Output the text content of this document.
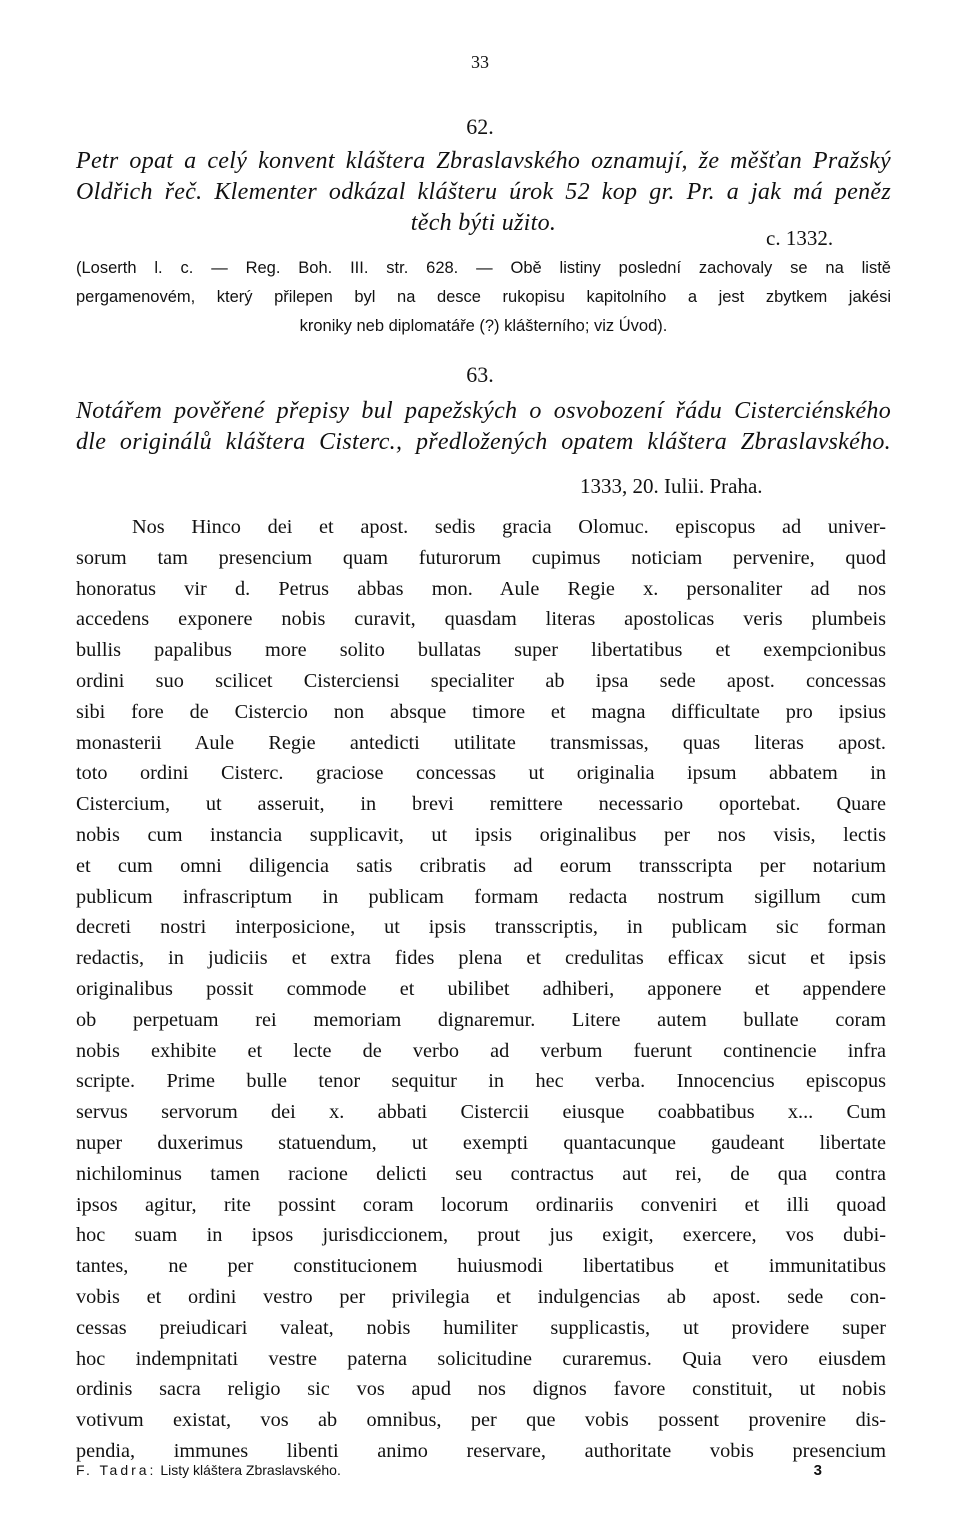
33
62.
Petr opat a celý konvent kláštera Zbraslavského oznamují, že měšťan Pražský
Oldřich řeč. Klementer odkázal klášteru úrok 52 kop gr. Pr. a jak má peněz
těch býti užito.
c. 1332.
(Loserth l. c. — Reg. Boh. III. str. 628. — Obě listiny poslední zachovaly se na listě
pergamenovém, který přilepen byl na desce rukopisu kapitolního a jest zbytkem jakési
kroniky neb diplomatáře (?) klášterního; viz Úvod).
63.
Notářem pověřené přepisy bul papežských o osvobození řádu Cisterciénského
dle originálů kláštera Cisterc., předložených opatem kláštera Zbraslavského.
1333, 20. Iulii. Praha.
Nos Hinco dei et apost. sedis gracia Olomuc. episcopus ad univer-
sorum tam presencium quam futurorum cupimus noticiam pervenire, quod
honoratus vir d. Petrus abbas mon. Aule Regie x. personaliter ad nos
accedens exponere nobis curavit, quasdam literas apostolicas veris plumbeis
bullis papalibus more solito bullatas super libertatibus et exempcionibus
ordini suo scilicet Cisterciensi specialiter ab ipsa sede apost. concessas
sibi fore de Cistercio non absque timore et magna difficultate pro ipsius
monasterii Aule Regie antedicti utilitate transmissas, quas literas apost.
toto ordini Cisterc. graciose concessas ut originalia ipsum abbatem in
Cistercium, ut asseruit, in brevi remittere necessario oportebat. Quare
nobis cum instancia supplicavit, ut ipsis originalibus per nos visis, lectis
et cum omni diligencia satis cribratis ad eorum transscripta per notarium
publicum infrascriptum in publicam formam redacta nostrum sigillum cum
decreti nostri interposicione, ut ipsis transscriptis, in publicam sic forman
redactis, in judiciis et extra fides plena et credulitas efficax sicut et ipsis
originalibus possit commode et ubilibet adhiberi, apponere et appendere
ob perpetuam rei memoriam dignaremur. Litere autem bullate coram
nobis exhibite et lecte de verbo ad verbum fuerunt continencie infra
scripte. Prime bulle tenor sequitur in hec verba. Innocencius episcopus
servus servorum dei x. abbati Cistercii eiusque coabbatibus x... Cum
nuper duxerimus statuendum, ut exempti quantacunque gaudeant libertate
nichilominus tamen racione delicti seu contractus aut rei, de qua contra
ipsos agitur, rite possint coram locorum ordinariis conveniri et illi quoad
hoc suam in ipsos jurisdiccionem, prout jus exigit, exercere, vos dubi-
tantes, ne per constitucionem huiusmodi libertatibus et immunitatibus
vobis et ordini vestro per privilegia et indulgencias ab apost. sede con-
cessas preiudicari valeat, nobis humiliter supplicastis, ut providere super
hoc indempnitati vestre paterna solicitudine curaremus. Quia vero eiusdem
ordinis sacra religio sic vos apud nos dignos favore constituit, ut nobis
votivum existat, vos ab omnibus, per que vobis possent provenire dis-
pendia, immunes libenti animo reservare, authoritate vobis presencium
F. Tadra: Listy kláštera Zbraslavského.	3
